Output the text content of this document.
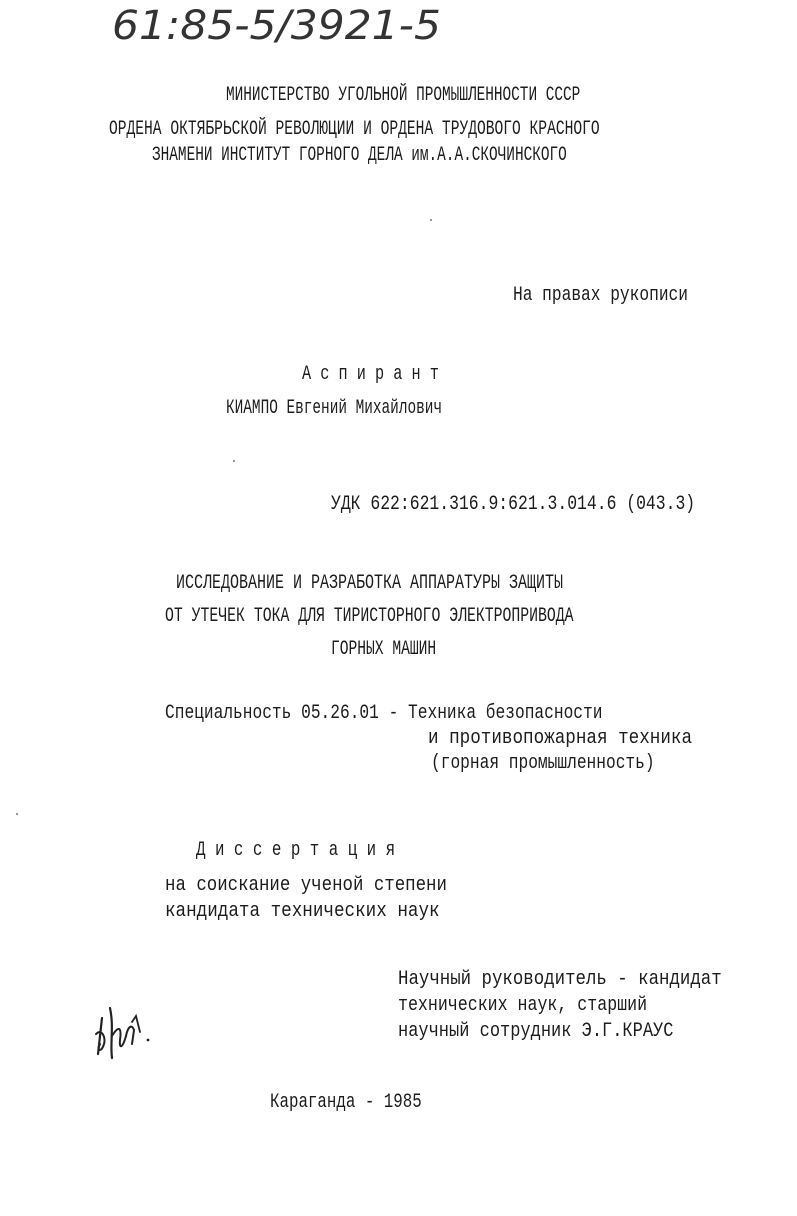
61:85-5/3921-5
МИНИСТЕРСТВО УГОЛЬНОЙ ПРОМЫШЛЕННОСТИ СССР
ОРДЕНА ОКТЯБРЬСКОЙ РЕВОЛЮЦИИ И ОРДЕНА ТРУДОВОГО КРАСНОГО
ЗНАМЕНИ ИНСТИТУТ ГОРНОГО ДЕЛА им.А.А.СКОЧИНСКОГО
На правах рукописи
А с п и р а н т
КИАМПО Евгений Михайлович
УДК 622:621.316.9:621.3.014.6 (043.3)
ИССЛЕДОВАНИЕ И РАЗРАБОТКА АППАРАТУРЫ ЗАЩИТЫ
ОТ УТЕЧЕК ТОКА ДЛЯ ТИРИСТОРНОГО ЭЛЕКТРОПРИВОДА
ГОРНЫХ МАШИН
Специальность 05.26.01 - Техника безопасности
и противопожарная техника
(горная промышленность)
Д и с с е р т а ц и я
на соискание ученой степени
кандидата технических наук
Научный руководитель - кандидат
технических наук, старший
научный сотрудник Э.Г.КРАУС
Караганда - 1985
